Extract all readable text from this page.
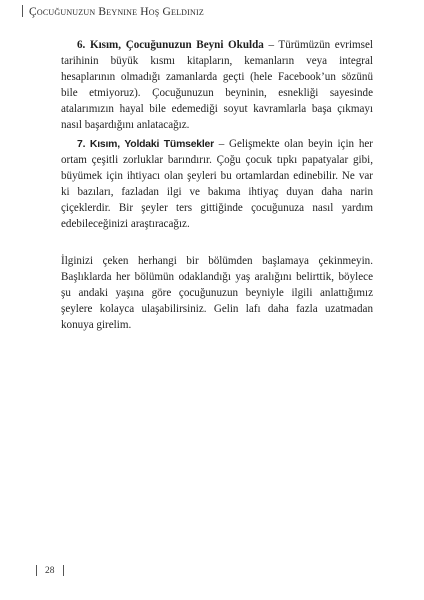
Çocuğunuzun Beynine Hoş Geldiniz

6. Kısım, Çocuğunuzun Beyni Okulda – Türümüzün evrimsel tarihinin büyük kısmı kitapların, kemanların veya integral hesaplarının olmadığı zamanlarda geçti (hele Facebook’un sözünü bile etmiyoruz). Çocuğunuzun beyninin, esnekliği sayesinde atalarımızın hayal bile edemediği soyut kavramlarla başa çıkmayı nasıl başardığını anlatacağız.

7. Kısım, Yoldaki Tümsekler – Gelişmekte olan beyin için her ortam çeşitli zorluklar barındırır. Çoğu çocuk tıpkı papatyalar gibi, büyümek için ihtiyacı olan şeyleri bu ortamlardan edinebilir. Ne var ki bazıları, fazladan ilgi ve bakıma ihtiyaç duyan daha narin çiçeklerdir. Bir şeyler ters gittiğinde çocuğunuza nasıl yardım edebileceğinizi araştıracağız.

İlginizi çeken herhangi bir bölümden başlamaya çekinmeyin. Başlıklarda her bölümün odaklandığı yaş aralığını belirttik, böylece şu andaki yaşına göre çocuğunuzun beyniyle ilgili anlattığımız şeylere kolayca ulaşabilirsiniz. Gelin lafı daha fazla uzatmadan konuya girelim.

28
